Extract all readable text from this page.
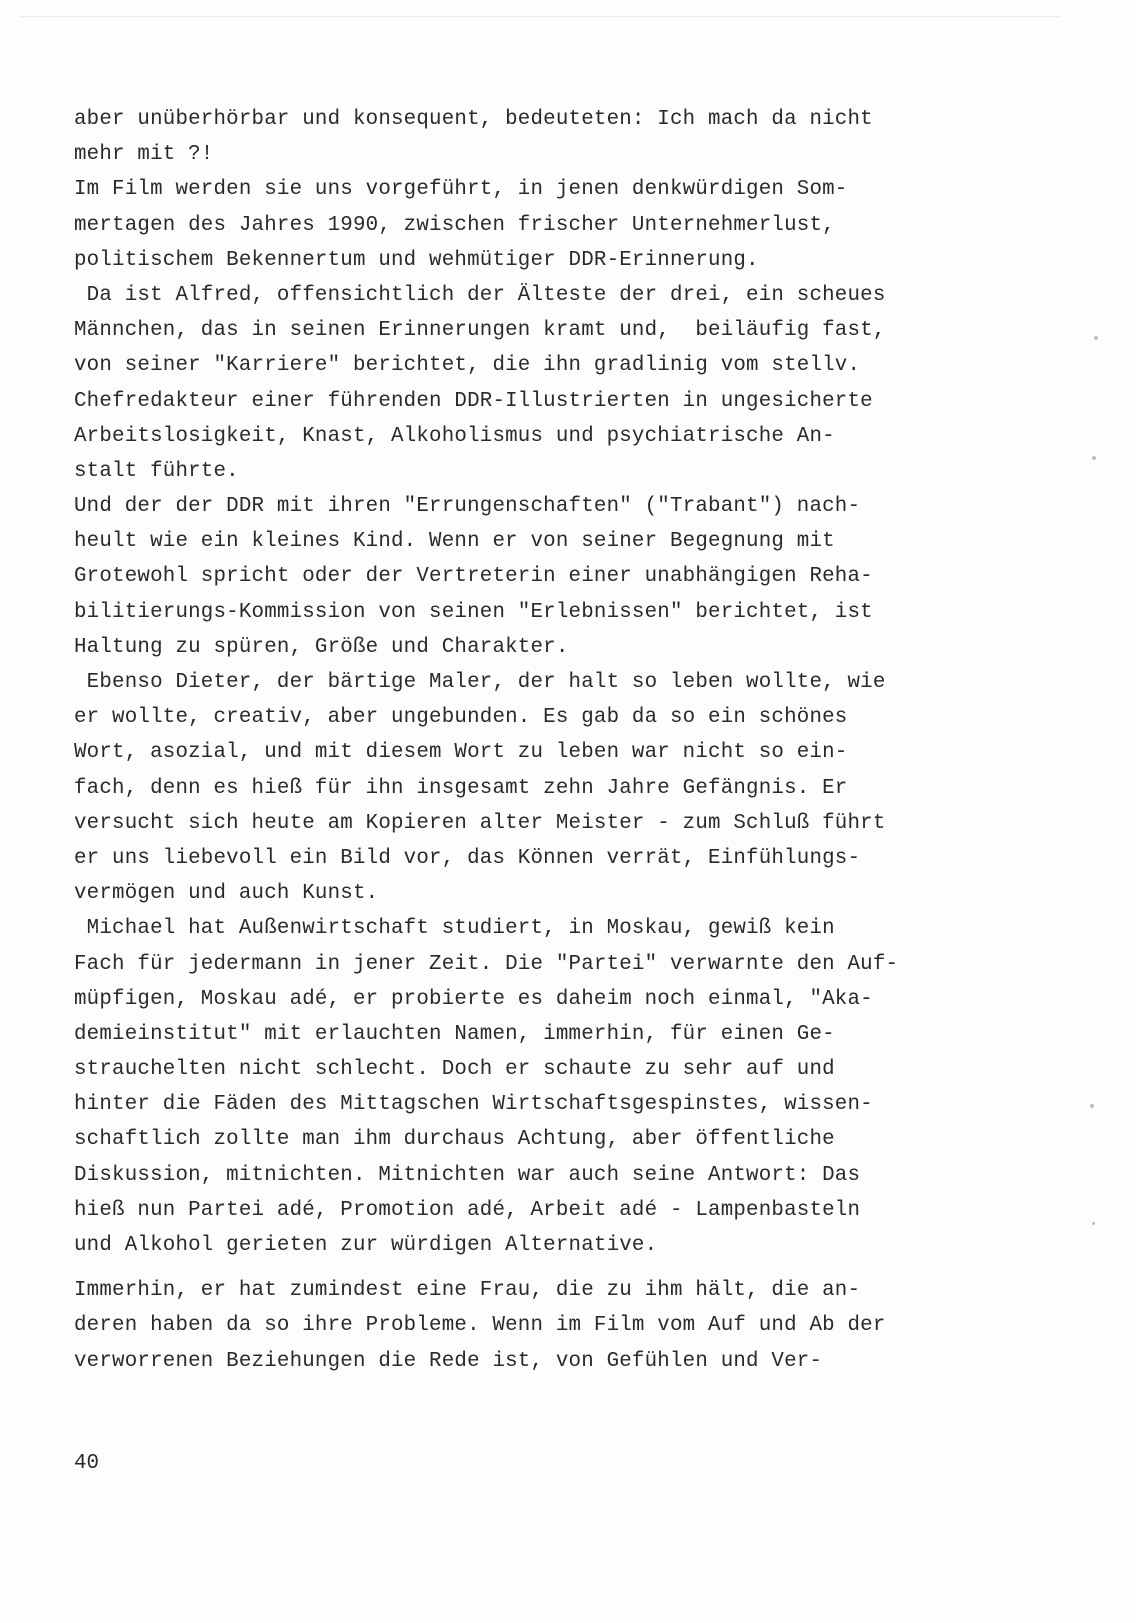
aber unüberhörbar und konsequent, bedeuteten: Ich mach da nicht
mehr mit ?!
Im Film werden sie uns vorgeführt, in jenen denkwürdigen Som-
mertagen des Jahres 1990, zwischen frischer Unternehmerlust,
politischem Bekennertum und wehmütiger DDR-Erinnerung.
Da ist Alfred, offensichtlich der Älteste der drei, ein scheues
Männchen, das in seinen Erinnerungen kramt und,  beiläufig fast,
von seiner "Karriere" berichtet, die ihn gradlinig vom stellv.
Chefredakteur einer führenden DDR-Illustrierten in ungesicherte
Arbeitslosigkeit, Knast, Alkoholismus und psychiatrische An-
stalt führte.
Und der der DDR mit ihren "Errungenschaften" ("Trabant") nach-
heult wie ein kleines Kind. Wenn er von seiner Begegnung mit
Grotewohl spricht oder der Vertreterin einer unabhängigen Reha-
bilitierungs-Kommission von seinen "Erlebnissen" berichtet, ist
Haltung zu spüren, Größe und Charakter.
Ebenso Dieter, der bärtige Maler, der halt so leben wollte, wie
er wollte, creativ, aber ungebunden. Es gab da so ein schönes
Wort, asozial, und mit diesem Wort zu leben war nicht so ein-
fach, denn es hieß für ihn insgesamt zehn Jahre Gefängnis. Er
versucht sich heute am Kopieren alter Meister - zum Schluß führt
er uns liebevoll ein Bild vor, das Können verrät, Einfühlungs-
vermögen und auch Kunst.
Michael hat Außenwirtschaft studiert, in Moskau, gewiß kein
Fach für jedermann in jener Zeit. Die "Partei" verwarnte den Auf-
müpfigen, Moskau adé, er probierte es daheim noch einmal, "Aka-
demieinstitut" mit erlauchten Namen, immerhin, für einen Ge-
strauchelten nicht schlecht. Doch er schaute zu sehr auf und
hinter die Fäden des Mittagschen Wirtschaftsgespinstes, wissen-
schaftlich zollte man ihm durchaus Achtung, aber öffentliche
Diskussion, mitnichten. Mitnichten war auch seine Antwort: Das
hieß nun Partei adé, Promotion adé, Arbeit adé - Lampenbasteln
und Alkohol gerieten zur würdigen Alternative.
Immerhin, er hat zumindest eine Frau, die zu ihm hält, die an-
deren haben da so ihre Probleme. Wenn im Film vom Auf und Ab der
verworrenen Beziehungen die Rede ist, von Gefühlen und Ver-
40
